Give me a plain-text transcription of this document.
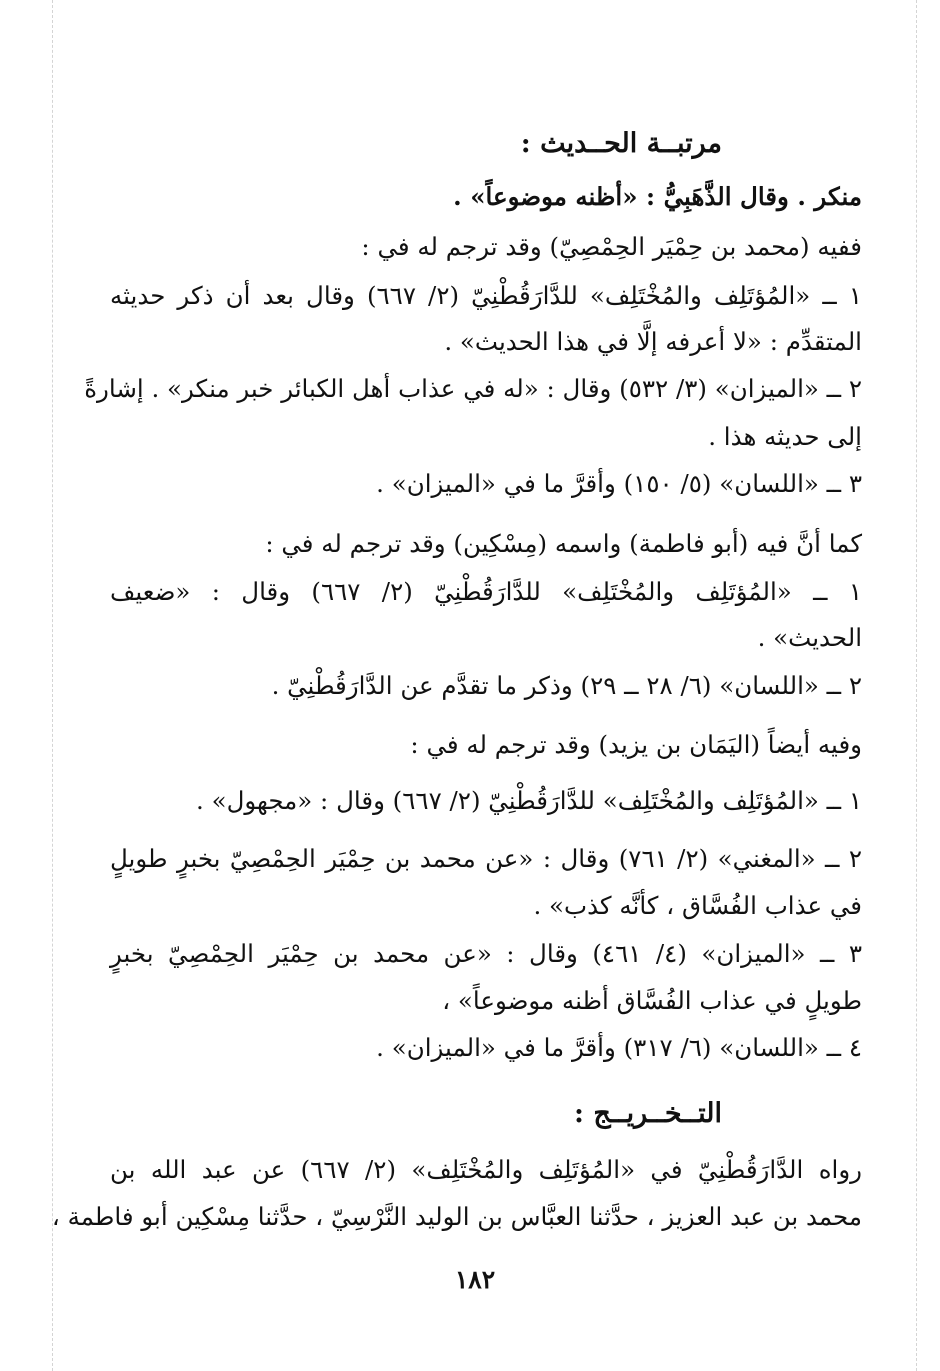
مرتبــة الحــديث :
منكر . وقال الذَّهَبِيُّ : «أظنه موضوعاً» .
ففيه (محمد بن حِمْيَر الحِمْصِيّ) وقد ترجم له في :
١ ــ «المُؤتَلِف والمُخْتَلِف» للدَّارَقُطْنِيّ (٢/ ٦٦٧) وقال بعد أن ذكر حديثه
المتقدِّم : «لا أعرفه إلَّا في هذا الحديث» .
٢ ــ «الميزان» (٣/ ٥٣٢) وقال : «له في عذاب أهل الكبائر خبر منكر» . إشارةً
إلى حديثه هذا .
٣ ــ «اللسان» (٥/ ١٥٠) وأقرَّ ما في «الميزان» .
كما أنَّ فيه (أبو فاطمة) واسمه (مِسْكِين) وقد ترجم له في :
١ ــ «المُؤتَلِف والمُخْتَلِف» للدَّارَقُطْنِيّ (٢/ ٦٦٧) وقال : «ضعيف
الحديث» .
٢ ــ «اللسان» (٦/ ٢٨ ــ ٢٩) وذكر ما تقدَّم عن الدَّارَقُطْنِيّ .
وفيه أيضاً (اليَمَان بن يزيد) وقد ترجم له في :
١ ــ «المُؤتَلِف والمُخْتَلِف» للدَّارَقُطْنِيّ (٢/ ٦٦٧) وقال : «مجهول» .
٢ ــ «المغني» (٢/ ٧٦١) وقال : «عن محمد بن حِمْيَر الحِمْصِيّ بخبرٍ طويلٍ
في عذاب الفُسَّاق ، كأنَّه كذب» .
٣ ــ «الميزان» (٤/ ٤٦١) وقال : «عن محمد بن حِمْيَر الحِمْصِيّ بخبرٍ
طويلٍ في عذاب الفُسَّاق أظنه موضوعاً» ،
٤ ــ «اللسان» (٦/ ٣١٧) وأقرَّ ما في «الميزان» .
التــخــريــج :
رواه الدَّارَقُطْنِيّ في «المُؤتَلِف والمُخْتَلِف» (٢/ ٦٦٧) عن عبد الله بن
محمد بن عبد العزيز ، حدَّثنا العبَّاس بن الوليد النَّرْسِيّ ، حدَّثنا مِسْكِين أبو فاطمة ،
١٨٢
